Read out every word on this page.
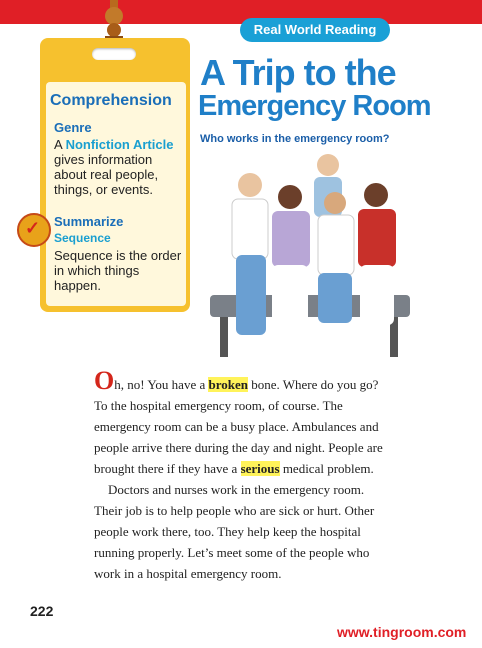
Real World Reading
Comprehension
Genre
A Nonfiction Article gives information about real people, things, or events.
✓ Summarize
Sequence
Sequence is the order in which things happen.
A Trip to the
Emergency Room
Who works in the emergency room?

Oh, no! You have a broken bone. Where do you go? To the hospital emergency room, of course. The emergency room can be a busy place. Ambulances and people arrive there during the day and night. People are brought there if they have a serious medical problem.

Doctors and nurses work in the emergency room. Their job is to help people who are sick or hurt. Other people work there, too. They help keep the hospital running properly. Let’s meet some of the people who work in a hospital emergency room.

222
www.tingroom.com
